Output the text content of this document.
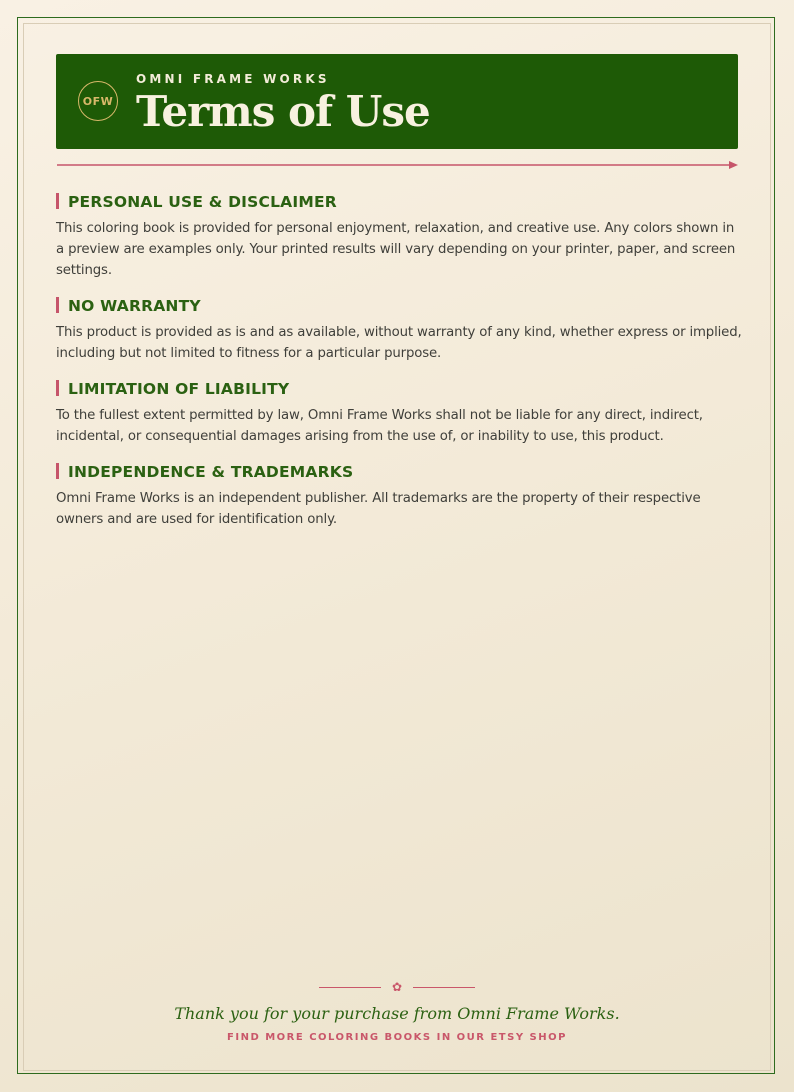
OFW
OMNI FRAME WORKS
Terms of Use
PERSONAL USE & DISCLAIMER
This coloring book is provided for personal enjoyment, relaxation, and creative use. Any colors shown in a preview are examples only. Your printed results will vary depending on your printer, paper, and screen settings.
NO WARRANTY
This product is provided as is and as available, without warranty of any kind, whether express or implied, including but not limited to fitness for a particular purpose.
LIMITATION OF LIABILITY
To the fullest extent permitted by law, Omni Frame Works shall not be liable for any direct, indirect, incidental, or consequential damages arising from the use of, or inability to use, this product.
INDEPENDENCE & TRADEMARKS
Omni Frame Works is an independent publisher. All trademarks are the property of their respective owners and are used for identification only.
✿
Thank you for your purchase from Omni Frame Works.
FIND MORE COLORING BOOKS IN OUR ETSY SHOP
